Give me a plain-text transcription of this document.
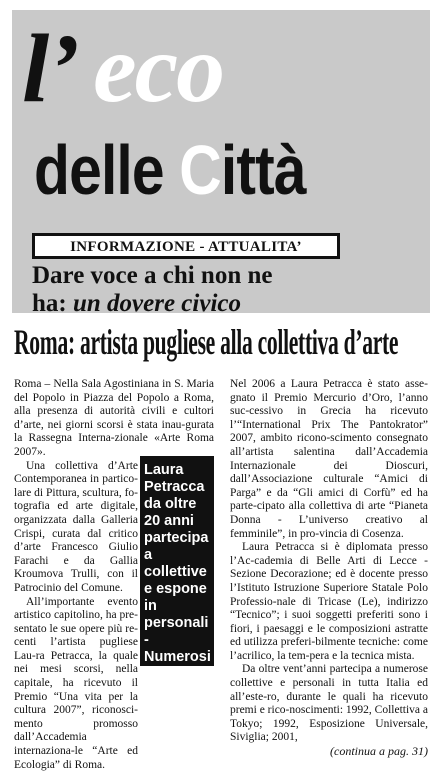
l’ eco
delle Città
INFORMAZIONE - ATTUALITA’
Dare voce a chi non ne
ha: un dovere civico
Roma: artista pugliese alla collettiva d’arte

Roma – Nella Sala Agostiniana in S. Maria del Popolo in Piazza del Popolo a Roma, alla presenza di autorità civili e cultori d’arte, nei giorni scorsi è stata inau-gurata la Rassegna Interna-zionale «Arte Roma 2007».

Una collettiva d’Arte Contemporanea in partico-lare di Pittura, scultura, fo-tografia ed arte digitale, organizzata dalla Galleria Crispi, curata dal critico d’arte Francesco Giulio Farachi e da Gallia Kroumova Trulli, con il Patrocinio del Comune.

All’importante evento artistico capitolino, ha pre-sentato le sue opere più re-centi l’artista pugliese Lau-ra Petracca, la quale nei mesi scorsi, nella capitale, ha ricevuto il Premio “Una vita per la cultura 2007”, riconosci-mento promosso dall’Accademia internaziona-le “Arte ed Ecologia” di Roma.

Laura Petracca da oltre 20 anni partecipa a collettive e espone in personali - Numerosi i premi

Nel 2006 a Laura Petracca è stato asse-gnato il Premio Mercurio d’Oro, l’anno suc-cessivo in Grecia ha ricevuto l’“International Prix The Pantokrator” 2007, ambito ricono-scimento consegnato all’artista salentina dall’Accademia Internazionale dei Dioscuri, dall’Associazione culturale “Amici di Parga” e da “Gli amici di Corfù” ed ha parte-cipato alla collettiva di arte “Pianeta Donna - L’universo creativo al femminile”, in pro-vincia di Cosenza.

Laura Petracca si è diplomata presso l’Ac-cademia di Belle Arti di Lecce - Sezione Decorazione; ed è docente presso l’Istituto Istruzione Superiore Statale Polo Professio-nale di Tricase (Le), indirizzo “Tecnico”; i suoi soggetti preferiti sono i fiori, i paesaggi e le composizioni astratte ed utilizza preferi-bilmente tecniche: come l’acrilico, la tem-pera e la tecnica mista.

Da oltre vent’anni partecipa a numerose collettive e personali in tutta Italia ed all’este-ro, durante le quali ha ricevuto premi e rico-noscimenti: 1992, Collettiva a Tokyo; 1992, Esposizione Universale, Siviglia; 2001,

(continua a pag. 31)
